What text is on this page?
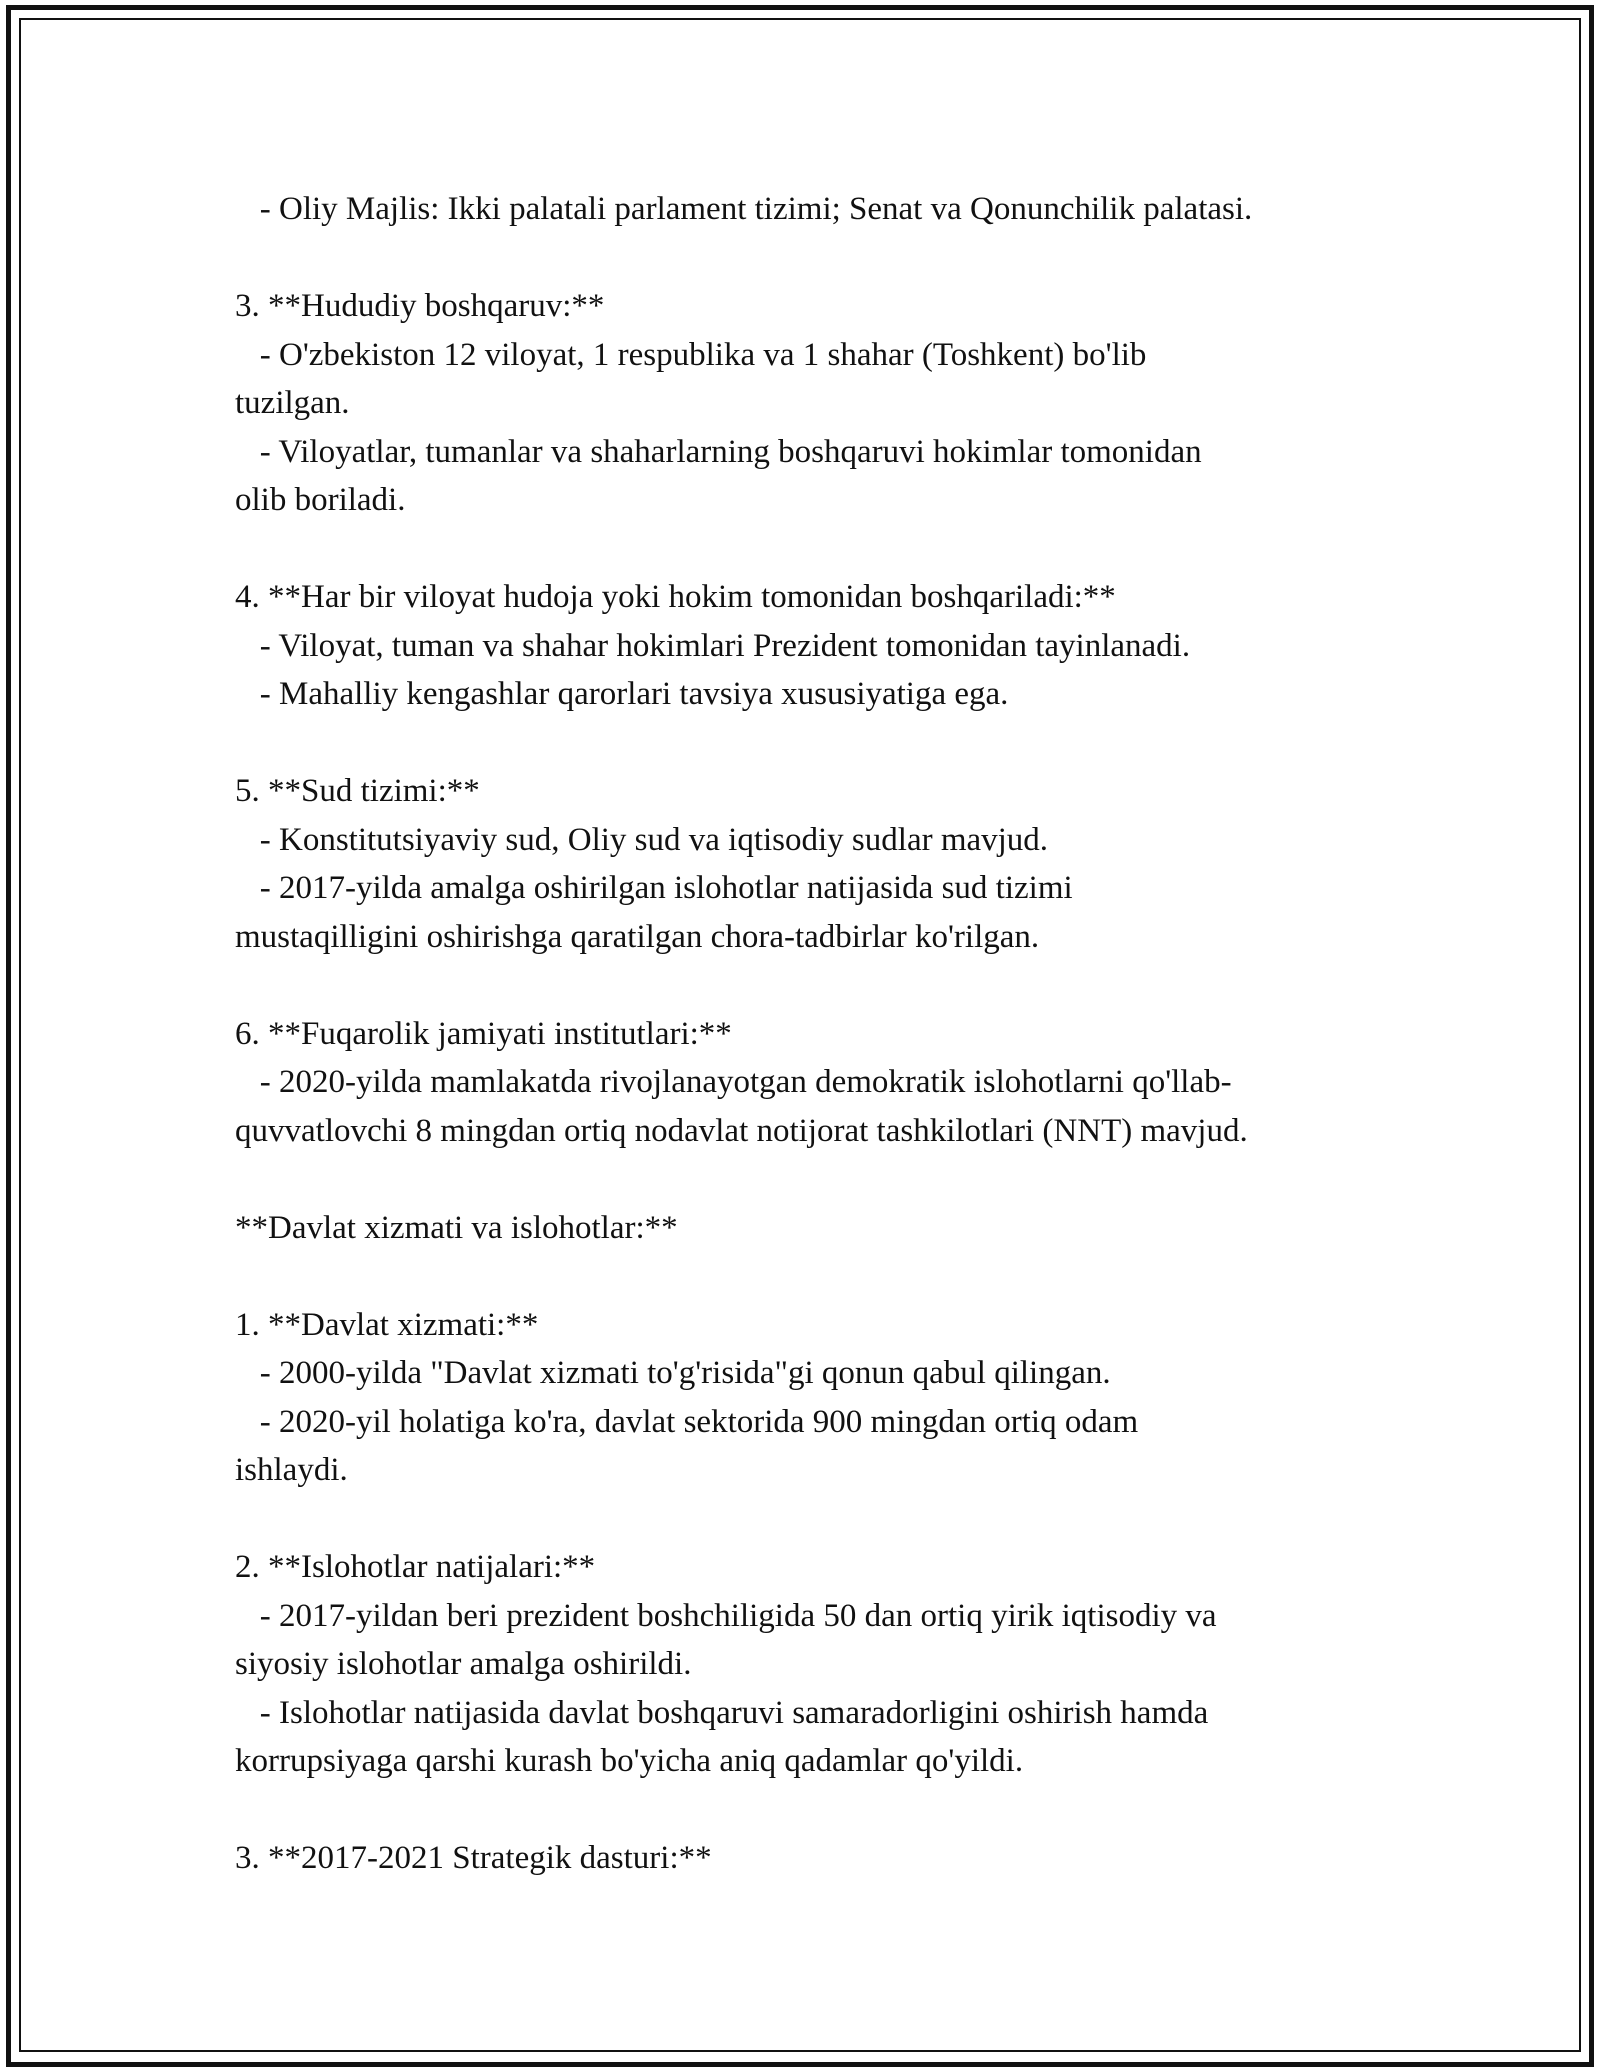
- Oliy Majlis: Ikki palatali parlament tizimi; Senat va Qonunchilik palatasi.

3. **Hududiy boshqaruv:**
- O'zbekiston 12 viloyat, 1 respublika va 1 shahar (Toshkent) bo'lib
tuzilgan.
- Viloyatlar, tumanlar va shaharlarning boshqaruvi hokimlar tomonidan
olib boriladi.

4. **Har bir viloyat hudoja yoki hokim tomonidan boshqariladi:**
- Viloyat, tuman va shahar hokimlari Prezident tomonidan tayinlanadi.
- Mahalliy kengashlar qarorlari tavsiya xususiyatiga ega.

5. **Sud tizimi:**
- Konstitutsiyaviy sud, Oliy sud va iqtisodiy sudlar mavjud.
- 2017-yilda amalga oshirilgan islohotlar natijasida sud tizimi
mustaqilligini oshirishga qaratilgan chora-tadbirlar ko'rilgan.

6. **Fuqarolik jamiyati institutlari:**
- 2020-yilda mamlakatda rivojlanayotgan demokratik islohotlarni qo'llab-
quvvatlovchi 8 mingdan ortiq nodavlat notijorat tashkilotlari (NNT) mavjud.

**Davlat xizmati va islohotlar:**

1. **Davlat xizmati:**
- 2000-yilda "Davlat xizmati to'g'risida"gi qonun qabul qilingan.
- 2020-yil holatiga ko'ra, davlat sektorida 900 mingdan ortiq odam
ishlaydi.

2. **Islohotlar natijalari:**
- 2017-yildan beri prezident boshchiligida 50 dan ortiq yirik iqtisodiy va
siyosiy islohotlar amalga oshirildi.
- Islohotlar natijasida davlat boshqaruvi samaradorligini oshirish hamda
korrupsiyaga qarshi kurash bo'yicha aniq qadamlar qo'yildi.

3. **2017-2021 Strategik dasturi:**
